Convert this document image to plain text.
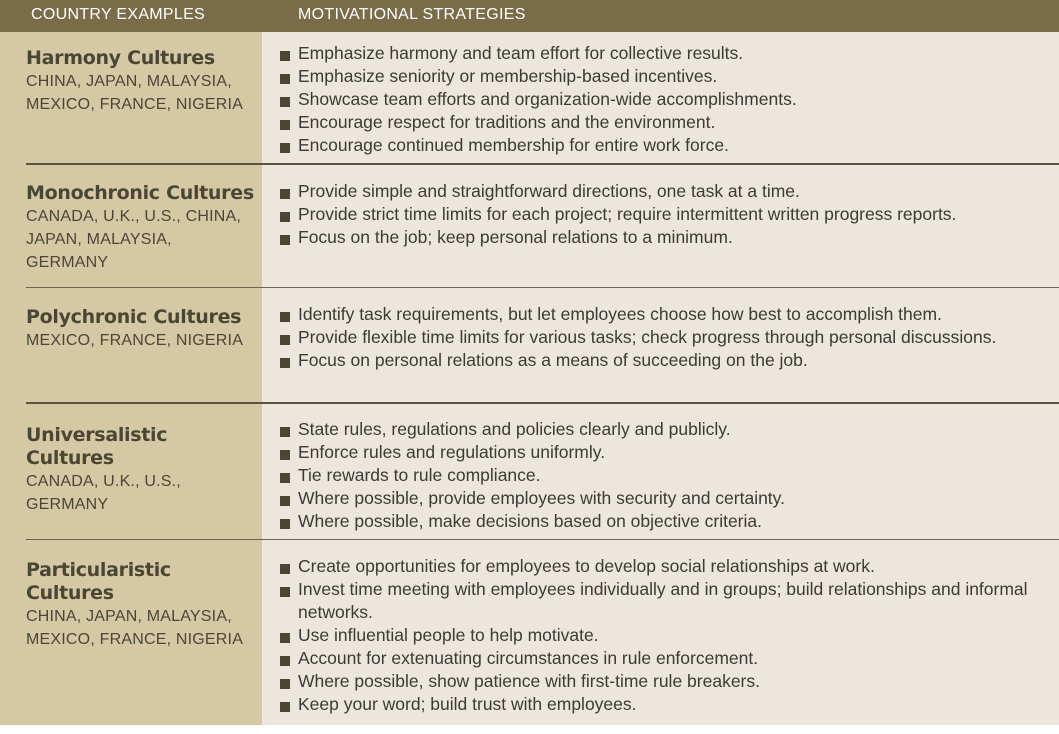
COUNTRY EXAMPLES	MOTIVATIONAL STRATEGIES
Harmony Cultures
CHINA, JAPAN, MALAYSIA, MEXICO, FRANCE, NIGERIA
Emphasize harmony and team effort for collective results.
Emphasize seniority or membership-based incentives.
Showcase team efforts and organization-wide accomplishments.
Encourage respect for traditions and the environment.
Encourage continued membership for entire work force.
Monochronic Cultures
CANADA, U.K., U.S., CHINA, JAPAN, MALAYSIA, GERMANY
Provide simple and straightforward directions, one task at a time.
Provide strict time limits for each project; require intermittent written progress reports.
Focus on the job; keep personal relations to a minimum.
Polychronic Cultures
MEXICO, FRANCE, NIGERIA
Identify task requirements, but let employees choose how best to accomplish them.
Provide flexible time limits for various tasks; check progress through personal discussions.
Focus on personal relations as a means of succeeding on the job.
Universalistic Cultures
CANADA, U.K., U.S., GERMANY
State rules, regulations and policies clearly and publicly.
Enforce rules and regulations uniformly.
Tie rewards to rule compliance.
Where possible, provide employees with security and certainty.
Where possible, make decisions based on objective criteria.
Particularistic Cultures
CHINA, JAPAN, MALAYSIA, MEXICO, FRANCE, NIGERIA
Create opportunities for employees to develop social relationships at work.
Invest time meeting with employees individually and in groups; build relationships and informal networks.
Use influential people to help motivate.
Account for extenuating circumstances in rule enforcement.
Where possible, show patience with first-time rule breakers.
Keep your word; build trust with employees.
